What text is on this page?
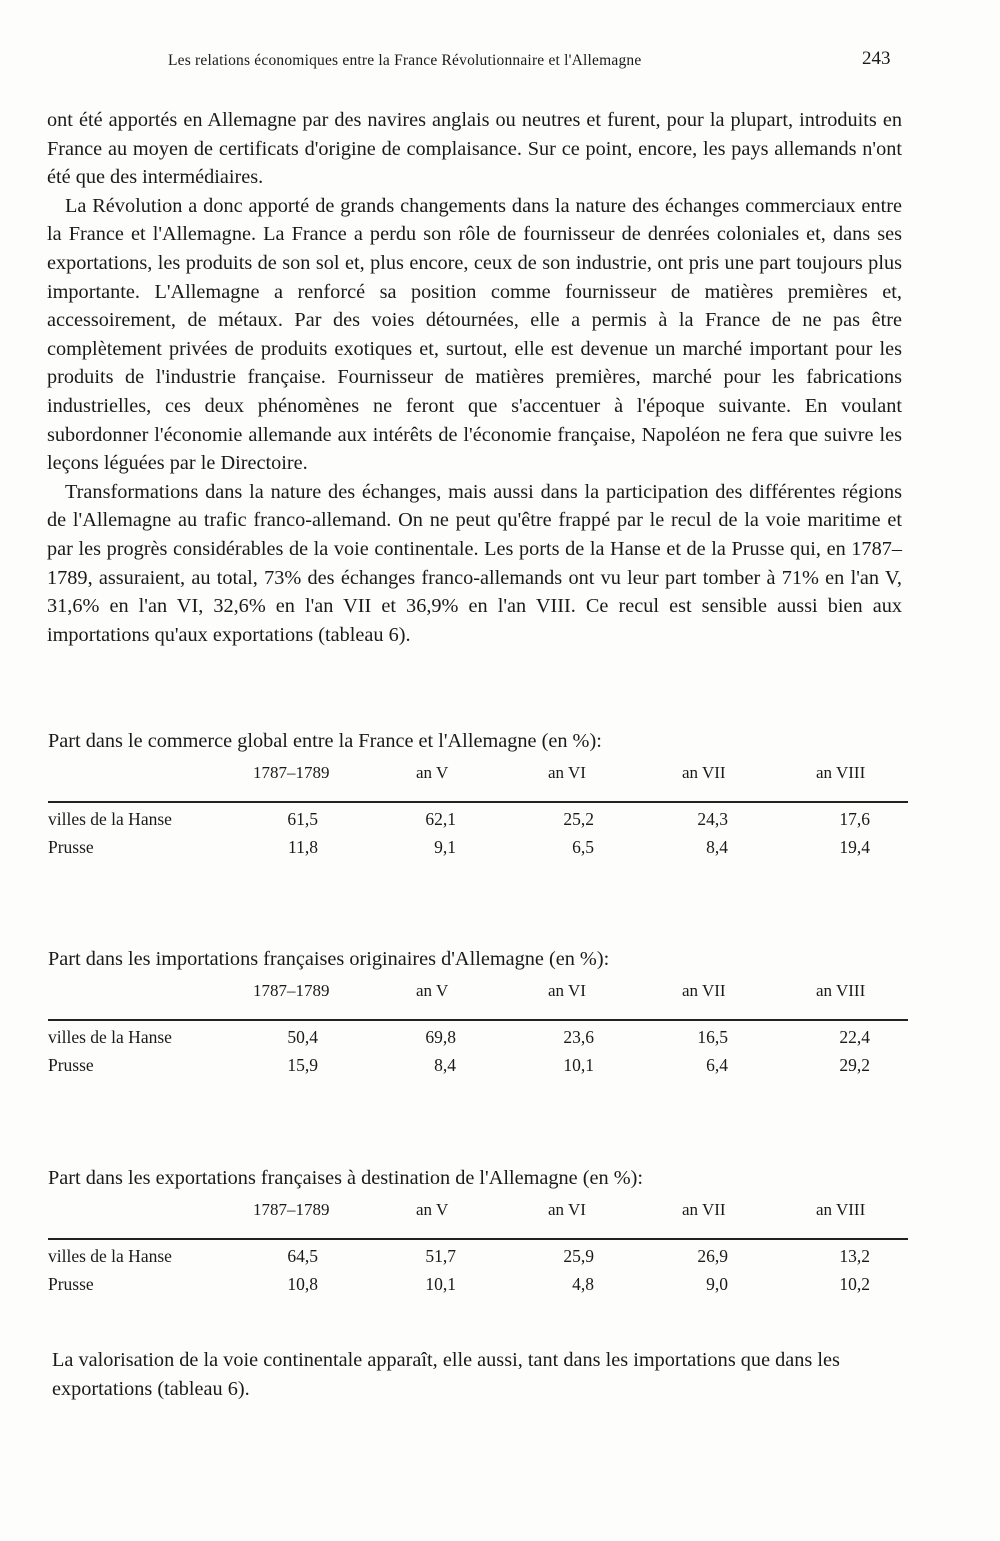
Les relations économiques entre la France Révolutionnaire et l'Allemagne	243

ont été apportés en Allemagne par des navires anglais ou neutres et furent, pour la plupart, introduits en France au moyen de certificats d'origine de complaisance. Sur ce point, encore, les pays allemands n'ont été que des intermédiaires.

La Révolution a donc apporté de grands changements dans la nature des échanges commerciaux entre la France et l'Allemagne. La France a perdu son rôle de fournisseur de denrées coloniales et, dans ses exportations, les produits de son sol et, plus encore, ceux de son industrie, ont pris une part toujours plus importante. L'Allemagne a renforcé sa position comme fournisseur de matières premières et, accessoirement, de métaux. Par des voies détournées, elle a permis à la France de ne pas être complètement privées de produits exotiques et, surtout, elle est devenue un marché important pour les produits de l'industrie française. Fournisseur de matières premières, marché pour les fabrications industrielles, ces deux phénomènes ne feront que s'accentuer à l'époque suivante. En voulant subordonner l'économie allemande aux intérêts de l'économie française, Napoléon ne fera que suivre les leçons léguées par le Directoire.

Transformations dans la nature des échanges, mais aussi dans la participation des différentes régions de l'Allemagne au trafic franco-allemand. On ne peut qu'être frappé par le recul de la voie maritime et par les progrès considérables de la voie continentale. Les ports de la Hanse et de la Prusse qui, en 1787–1789, assuraient, au total, 73% des échanges franco-allemands ont vu leur part tomber à 71% en l'an V, 31,6% en l'an VI, 32,6% en l'an VII et 36,9% en l'an VIII. Ce recul est sensible aussi bien aux importations qu'aux exportations (tableau 6).

Part dans le commerce global entre la France et l'Allemagne (en %):
1787–1789	an V	an VI	an VII	an VIII
villes de la Hanse	61,5	62,1	25,2	24,3	17,6
Prusse	11,8	9,1	6,5	8,4	19,4
Part dans les importations françaises originaires d'Allemagne (en %):
1787–1789	an V	an VI	an VII	an VIII
villes de la Hanse	50,4	69,8	23,6	16,5	22,4
Prusse	15,9	8,4	10,1	6,4	29,2
Part dans les exportations françaises à destination de l'Allemagne (en %):
1787–1789	an V	an VI	an VII	an VIII
villes de la Hanse	64,5	51,7	25,9	26,9	13,2
Prusse	10,8	10,1	4,8	9,0	10,2

La valorisation de la voie continentale apparaît, elle aussi, tant dans les importations que dans les exportations (tableau 6).
